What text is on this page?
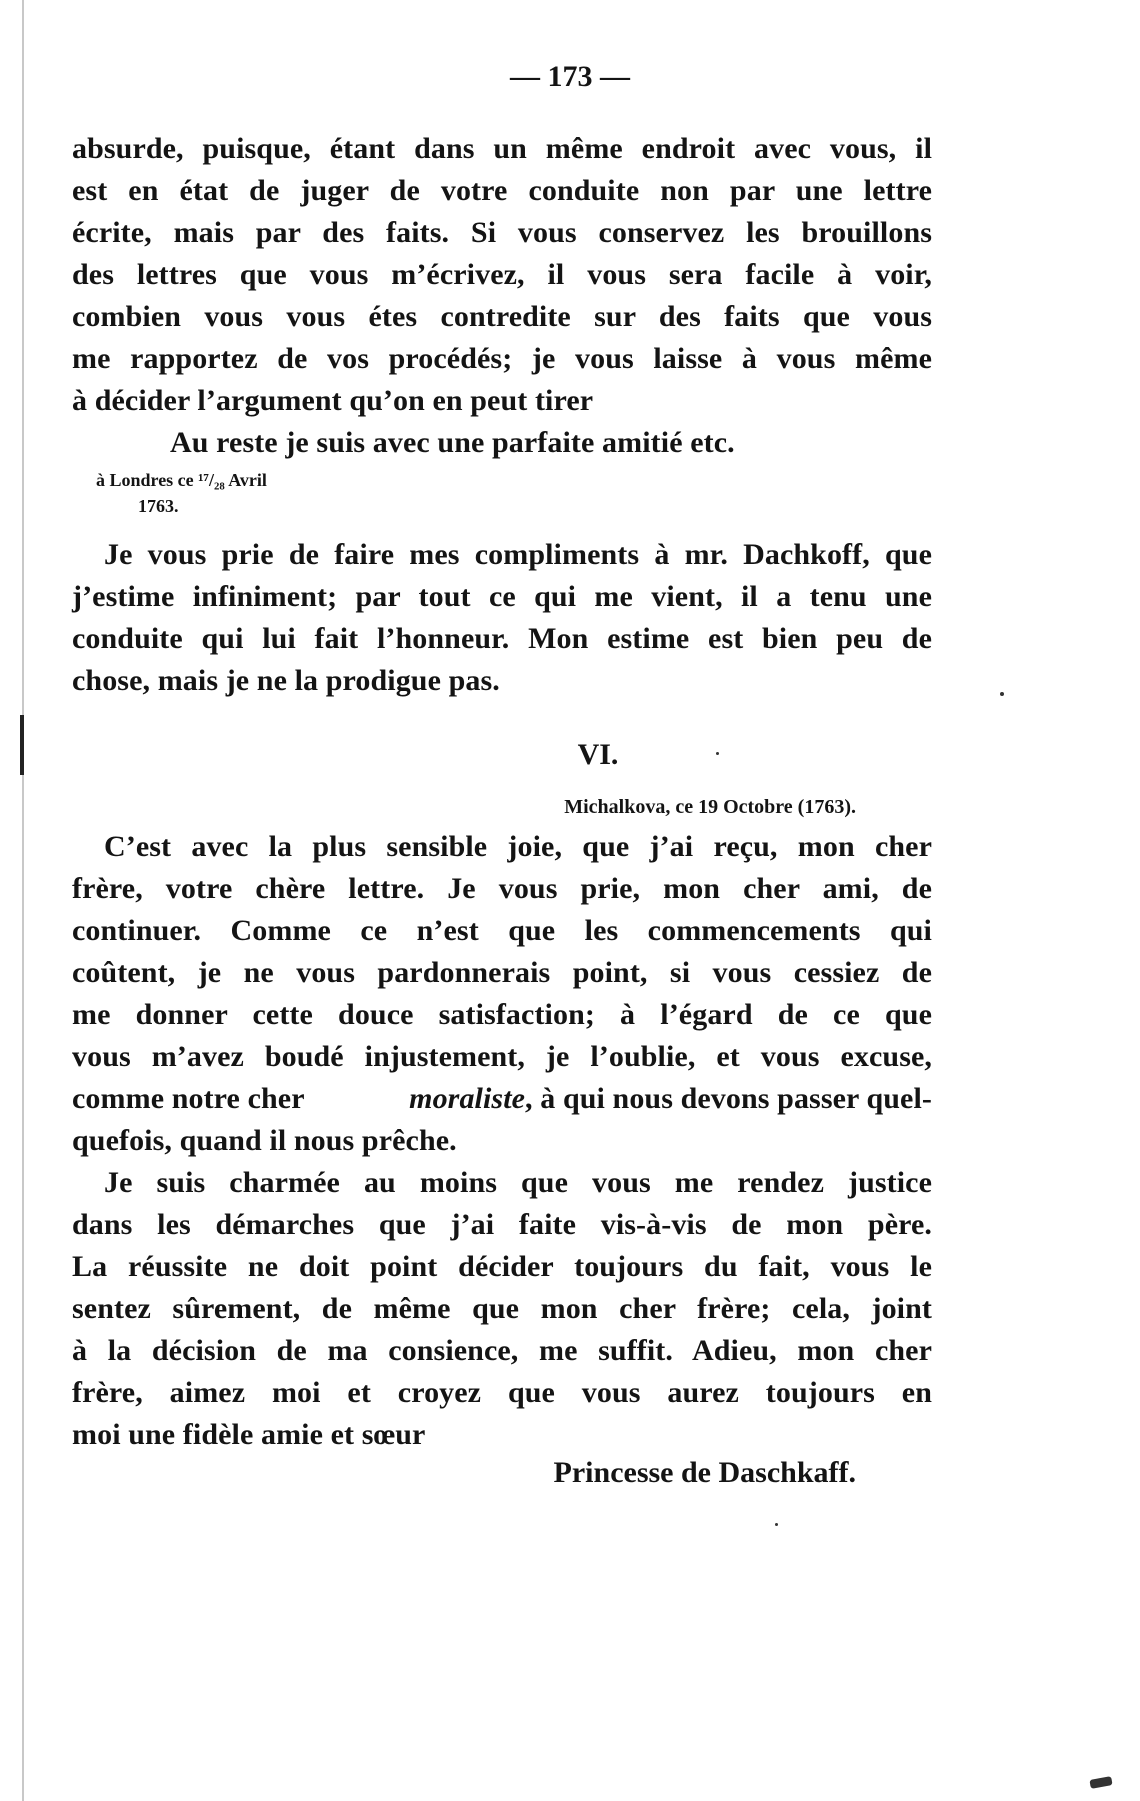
— 173 —
absurde, puisque, étant dans un même endroit avec vous, il
est en état de juger de votre conduite non par une lettre
écrite, mais par des faits. Si vous conservez les brouillons
des lettres que vous m’écrivez, il vous sera facile à voir,
combien vous vous étes contredite sur des faits que vous
me rapportez de vos procédés; je vous laisse à vous même
à décider l’argument qu’on en peut tirer
Au reste je suis avec une parfaite amitié etc.
à Londres ce ¹⁷/₂₈ Avril
1763.
Je vous prie de faire mes compliments à mr. Dachkoff, que
j’estime infiniment; par tout ce qui me vient, il a tenu une
conduite qui lui fait l’honneur. Mon estime est bien peu de
chose, mais je ne la prodigue pas.
VI.
Michalkova, ce 19 Octobre (1763).
C’est avec la plus sensible joie, que j’ai reçu, mon cher
frère, votre chère lettre. Je vous prie, mon cher ami, de
continuer. Comme ce n’est que les commencements qui
coûtent, je ne vous pardonnerais point, si vous cessiez de
me donner cette douce satisfaction; à l’égard de ce que
vous m’avez boudé injustement, je l’oublie, et vous excuse,
comme notre cher	moraliste, à qui nous devons passer quel-
quefois, quand il nous prêche.
Je suis charmée au moins que vous me rendez justice
dans les démarches que j’ai faite vis-à-vis de mon père.
La réussite ne doit point décider toujours du fait, vous le
sentez sûrement, de même que mon cher frère; cela, joint
à la décision de ma consience, me suffit. Adieu, mon cher
frère, aimez moi et croyez que vous aurez toujours en
moi une fidèle amie et sœur
Princesse de Daschkaff.
